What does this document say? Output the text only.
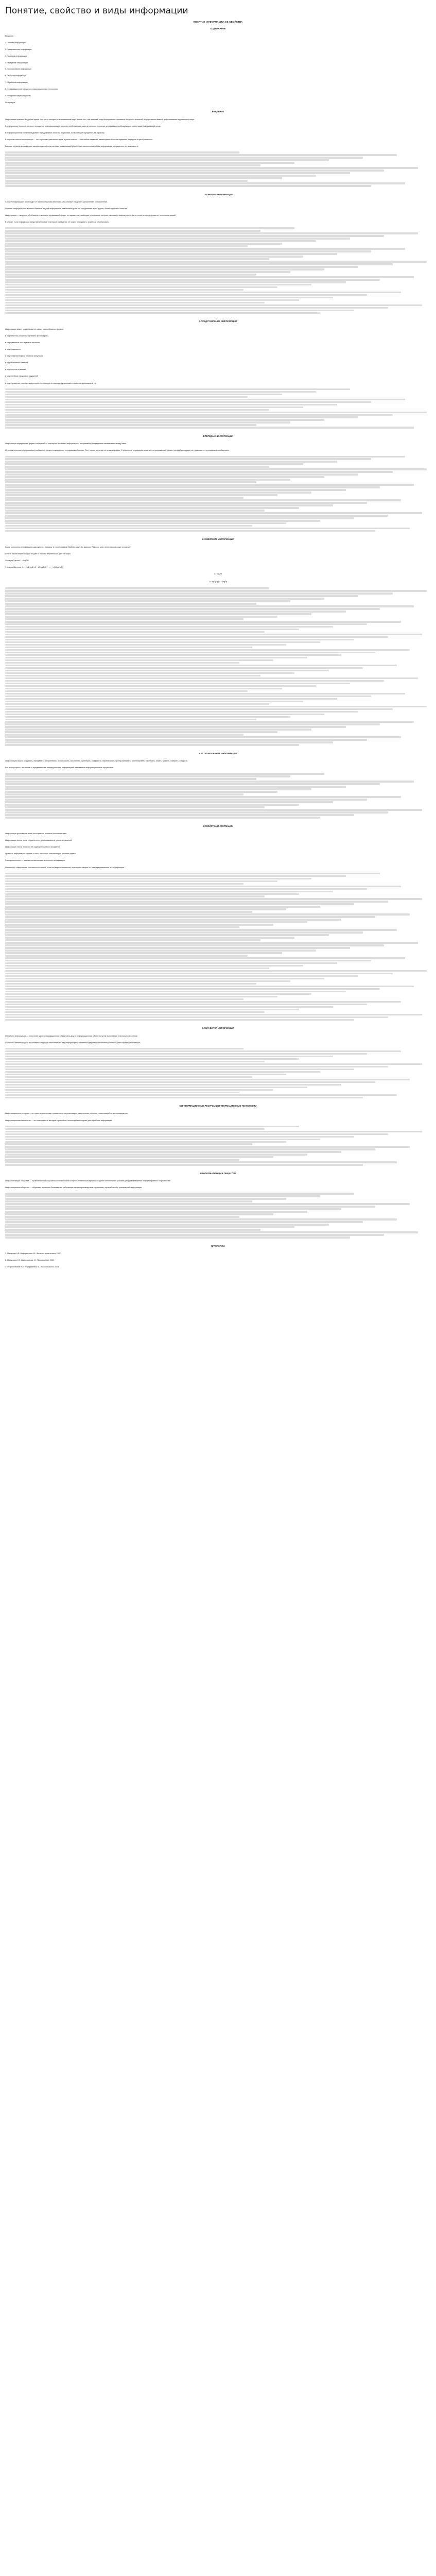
Понятие, свойство и виды информации
ПОНЯТИЕ ИНФОРМАЦИИ, ЕЕ СВОЙСТВА
СОДЕРЖАНИЕ
Введение
1.Понятие информации
2.Представление информации
3.Передача информации
4.Измерение информации
5.Использование информации
6.Свойства информации
7.Обработка информации
8.Информационные ресурсы и информационные технологии
9.Информатизация общества
Литература
ВВЕДЕНИЕ
Информация значимо, когда она нужна, оно часто находит ее в неизменном виде. Кроме того, она значима, когда информация становится не просто полезной, а существенно важной для понимания окружающего мира.
В информатике понятие, которое передается по коммуникации, является отображением мира в сознании человека; информация необходима для ориентации в окружающей среде.
В информационном понятии выделяют определенные свойства и признаки, позволяющие определить ее характер.
В широком смысле информация — это отражение реального мира; в узком смысле — это любые сведения, являющиеся объектом хранения, передачи и преобразования.
Важным научным достижением является разработка системы, позволяющей обработать значительный объем информации и определить его значимость.
1.ПОНЯТИЕ ИНФОРМАЦИИ
Слово «информация» происходит от латинского слова informatio, что означает сведение, разъяснение, ознакомление.
Понятие «информация» является базовым в курсе информатики, невозможно дать его определение через другие, более «простые» понятия.
Информация — сведения об объектах и явлениях окружающей среды, их параметрах, свойствах и состоянии, которые уменьшают имеющуюся о них степень неопределенности, неполноты знаний.
В случае, если информация представляет собой некоторые сообщения, ее можно передавать, хранить и обрабатывать.
2.ПРЕДСТАВЛЕНИЕ ИНФОРМАЦИИ
Информация может существовать в самых разнообразных формах:
в виде текстов, рисунков, чертежей, фотографий;
в виде световых или звуковых сигналов;
в виде радиоволн;
в виде электрических и нервных импульсов;
в виде магнитных записей;
в виде жестов и мимики;
в виде запахов и вкусовых ощущений;
в виде хромосом, посредством которых передаются по наследству признаки и свойства организмов и т.д.
3.ПЕРЕДАЧА ИНФОРМАЦИИ
Информация передается в форме сообщений от некоторого источника информации к ее приемнику посредством канала связи между ними.
Источник посылает передаваемое сообщение, которое кодируется в передаваемый сигнал. Этот сигнал посылается по каналу связи. В результате в приемнике появляется принимаемый сигнал, который декодируется и становится принимаемым сообщением.
4.ИЗМЕРЕНИЕ ИНФОРМАЦИИ
Какое количество информации содержится, к примеру, в тексте романа «Война и мир», во фресках Рафаэля или в генетическом коде человека?
Ответа на эти вопросы наука не дает и, по всей вероятности, даст не скоро.
Формула Хартли: I = log2 N
Формула Шеннона: I = − (p1 log2 p1 + p2 log2 p2 + . . . + pN log2 pN)
I = log2N
I = log2(1/p) = − log2p
5.ИСПОЛЬЗОВАНИЕ ИНФОРМАЦИИ
Информацию можно: создавать, передавать, воспринимать, использовать, запоминать, принимать, копировать, обрабатывать, преобразовывать, комбинировать, разрушать, искать, хранить, измерять, собирать.
Все эти процессы, связанные с определенными операциями над информацией, называются информационными процессами.
6.СВОЙСТВА ИНФОРМАЦИИ
Информация достоверна, если она отражает истинное положение дел.
Информация полна, если ее достаточно для понимания и принятия решений.
Информация точна, если она не содержит ошибок и искажений.
Ценность информации зависит от того, насколько она важна для решения задачи.
Своевременность — важная составляющая полезности информации.
Понятность: информация становится понятной, если она выражена языком, на котором говорят те, кому предназначена эта информация.
7.ОБРАБОТКА ИНФОРМАЦИИ
Обработка информации — получение одних информационных объектов из других информационных объектов путем выполнения некоторых алгоритмов.
Обработка является одной из основных операций, выполняемых над информацией, и главным средством увеличения объема и разнообразия информации.
8.ИНФОРМАЦИОННЫЕ РЕСУРСЫ И ИНФОРМАЦИОННЫЕ ТЕХНОЛОГИИ
Информационные ресурсы — это идеи человечества и указания по их реализации, накопленные в форме, позволяющей их воспроизводство.
Информационная технология — это совокупность методов и устройств, используемых людьми для обработки информации.
9.ИНФОРМАТИЗАЦИЯ ОБЩЕСТВА
Информатизация общества — организованный социально-экономический и научно-технический процесс создания оптимальных условий для удовлетворения информационных потребностей.
Информационное общество — общество, в котором большинство работающих занято производством, хранением, переработкой и реализацией информации.
ЛИТЕРАТУРА
1. Макарова Н.В. Информатика. М.: Финансы и статистика, 1997.
2. Шауцукова Л.З. Информатика. М.: Просвещение, 2002.
3. Острейковский В.А. Информатика. М.: Высшая школа, 2001.
